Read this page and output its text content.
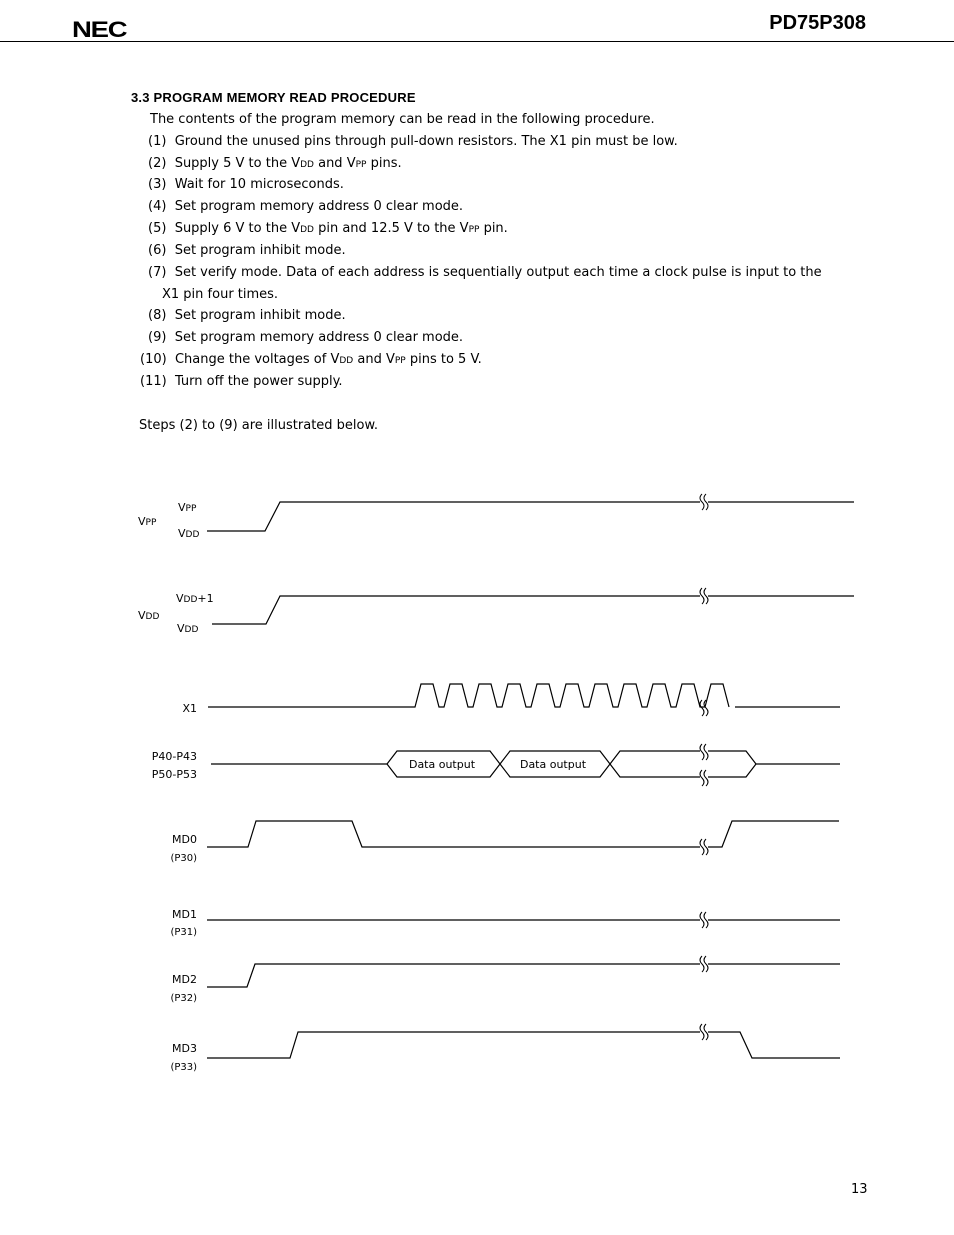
NEC	PD75P308
3.3 PROGRAM MEMORY READ PROCEDURE
The contents of the program memory can be read in the following procedure.
(1) Ground the unused pins through pull-down resistors. The X1 pin must be low.
(2) Supply 5 V to the VDD and VPP pins.
(3) Wait for 10 microseconds.
(4) Set program memory address 0 clear mode.
(5) Supply 6 V to the VDD pin and 12.5 V to the VPP pin.
(6) Set program inhibit mode.
(7) Set verify mode. Data of each address is sequentially output each time a clock pulse is input to the
X1 pin four times.
(8) Set program inhibit mode.
(9) Set program memory address 0 clear mode.
(10) Change the voltages of VDD and VPP pins to 5 V.
(11) Turn off the power supply.
Steps (2) to (9) are illustrated below.
VPP
VPP
VDD
VDD
VDD+1
VDD
X1
P40-P43
P50-P53
Data output	Data output
MD0
(P30)
MD1
(P31)
MD2
(P32)
MD3
(P33)
13
